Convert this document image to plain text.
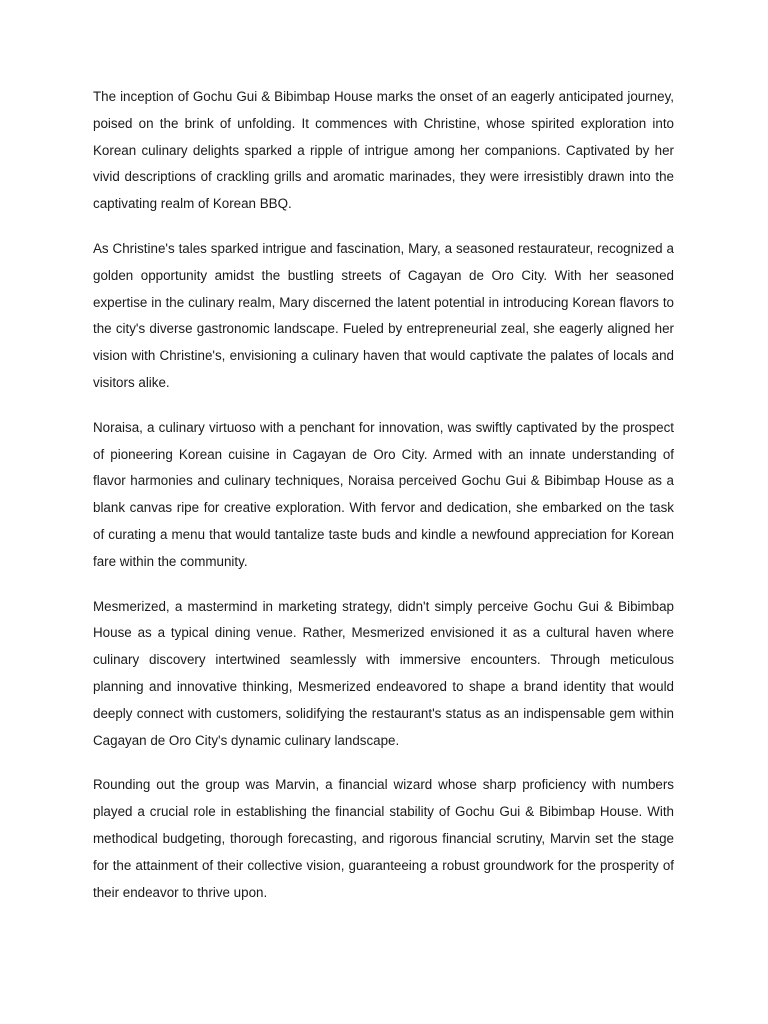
The inception of Gochu Gui & Bibimbap House marks the onset of an eagerly anticipated journey, poised on the brink of unfolding. It commences with Christine, whose spirited exploration into Korean culinary delights sparked a ripple of intrigue among her companions. Captivated by her vivid descriptions of crackling grills and aromatic marinades, they were irresistibly drawn into the captivating realm of Korean BBQ.

As Christine's tales sparked intrigue and fascination, Mary, a seasoned restaurateur, recognized a golden opportunity amidst the bustling streets of Cagayan de Oro City. With her seasoned expertise in the culinary realm, Mary discerned the latent potential in introducing Korean flavors to the city's diverse gastronomic landscape. Fueled by entrepreneurial zeal, she eagerly aligned her vision with Christine's, envisioning a culinary haven that would captivate the palates of locals and visitors alike.

Noraisa, a culinary virtuoso with a penchant for innovation, was swiftly captivated by the prospect of pioneering Korean cuisine in Cagayan de Oro City. Armed with an innate understanding of flavor harmonies and culinary techniques, Noraisa perceived Gochu Gui & Bibimbap House as a blank canvas ripe for creative exploration. With fervor and dedication, she embarked on the task of curating a menu that would tantalize taste buds and kindle a newfound appreciation for Korean fare within the community.

Mesmerized, a mastermind in marketing strategy, didn't simply perceive Gochu Gui & Bibimbap House as a typical dining venue. Rather, Mesmerized envisioned it as a cultural haven where culinary discovery intertwined seamlessly with immersive encounters. Through meticulous planning and innovative thinking, Mesmerized endeavored to shape a brand identity that would deeply connect with customers, solidifying the restaurant's status as an indispensable gem within Cagayan de Oro City's dynamic culinary landscape.

Rounding out the group was Marvin, a financial wizard whose sharp proficiency with numbers played a crucial role in establishing the financial stability of Gochu Gui & Bibimbap House. With methodical budgeting, thorough forecasting, and rigorous financial scrutiny, Marvin set the stage for the attainment of their collective vision, guaranteeing a robust groundwork for the prosperity of their endeavor to thrive upon.
